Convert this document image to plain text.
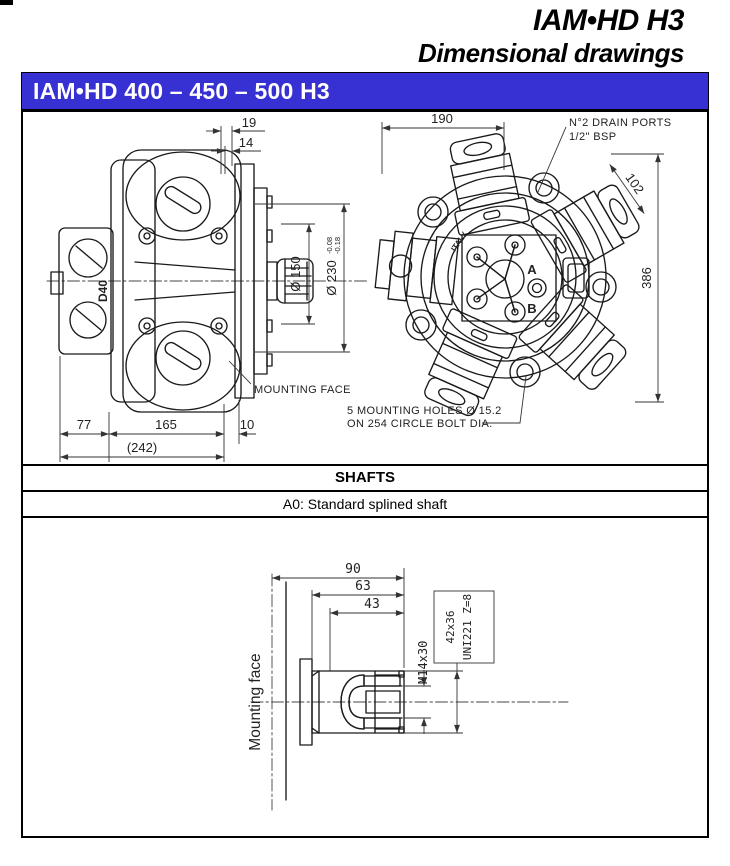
IAM•HD H3
Dimensional drawings
IAM•HD 400 – 450 – 500 H3
D40
19
14
Ø 150 Ø 230
-0.08 -0.18
MOUNTING FACE
77	165	10
(242)
A
B
ITALY
190
102
386
N°2 DRAIN PORTS
1/2" BSP
5 MOUNTING HOLES Ø 15.2
ON 254 CIRCLE BOLT DIA.
SHAFTS
A0: Standard splined shaft
Mounting face
90
63
43
M14x30
42x36 UNI221 Z=8
